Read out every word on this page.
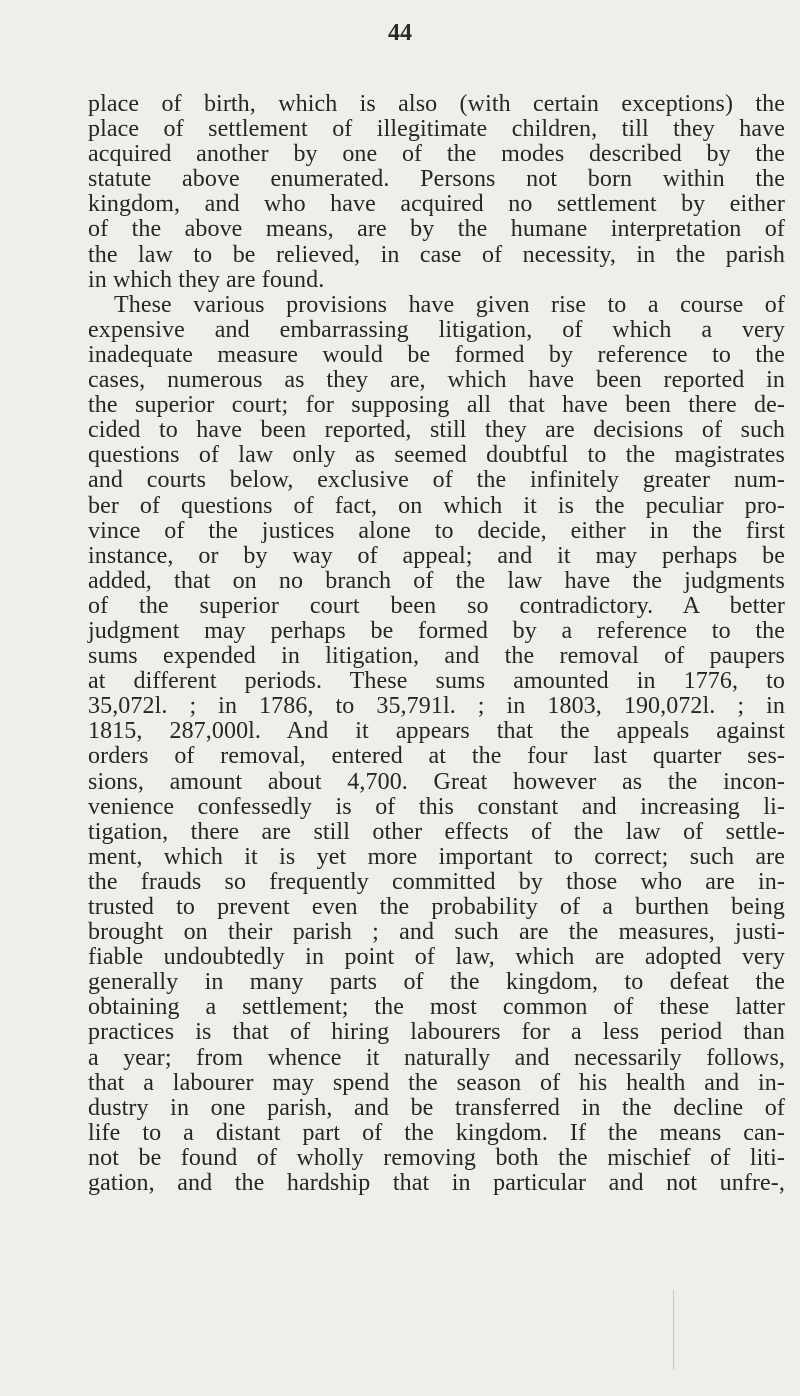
44
place of birth, which is also (with certain exceptions) the
place of settlement of illegitimate children, till they have
acquired another by one of the modes described by the
statute above enumerated. Persons not born within the
kingdom, and who have acquired no settlement by either
of the above means, are by the humane interpretation of
the law to be relieved, in case of necessity, in the parish
in which they are found.
These various provisions have given rise to a course of
expensive and embarrassing litigation, of which a very
inadequate measure would be formed by reference to the
cases, numerous as they are, which have been reported in
the superior court; for supposing all that have been there de-
cided to have been reported, still they are decisions of such
questions of law only as seemed doubtful to the magistrates
and courts below, exclusive of the infinitely greater num-
ber of questions of fact, on which it is the peculiar pro-
vince of the justices alone to decide, either in the first
instance, or by way of appeal; and it may perhaps be
added, that on no branch of the law have the judgments
of the superior court been so contradictory. A better
judgment may perhaps be formed by a reference to the
sums expended in litigation, and the removal of paupers
at different periods. These sums amounted in 1776, to
35,072l. ; in 1786, to 35,791l. ; in 1803, 190,072l. ; in
1815, 287,000l. And it appears that the appeals against
orders of removal, entered at the four last quarter ses-
sions, amount about 4,700. Great however as the incon-
venience confessedly is of this constant and increasing li-
tigation, there are still other effects of the law of settle-
ment, which it is yet more important to correct; such are
the frauds so frequently committed by those who are in-
trusted to prevent even the probability of a burthen being
brought on their parish ; and such are the measures, justi-
fiable undoubtedly in point of law, which are adopted very
generally in many parts of the kingdom, to defeat the
obtaining a settlement; the most common of these latter
practices is that of hiring labourers for a less period than
a year; from whence it naturally and necessarily follows,
that a labourer may spend the season of his health and in-
dustry in one parish, and be transferred in the decline of
life to a distant part of the kingdom. If the means can-
not be found of wholly removing both the mischief of liti-
gation, and the hardship that in particular and not unfre-,
